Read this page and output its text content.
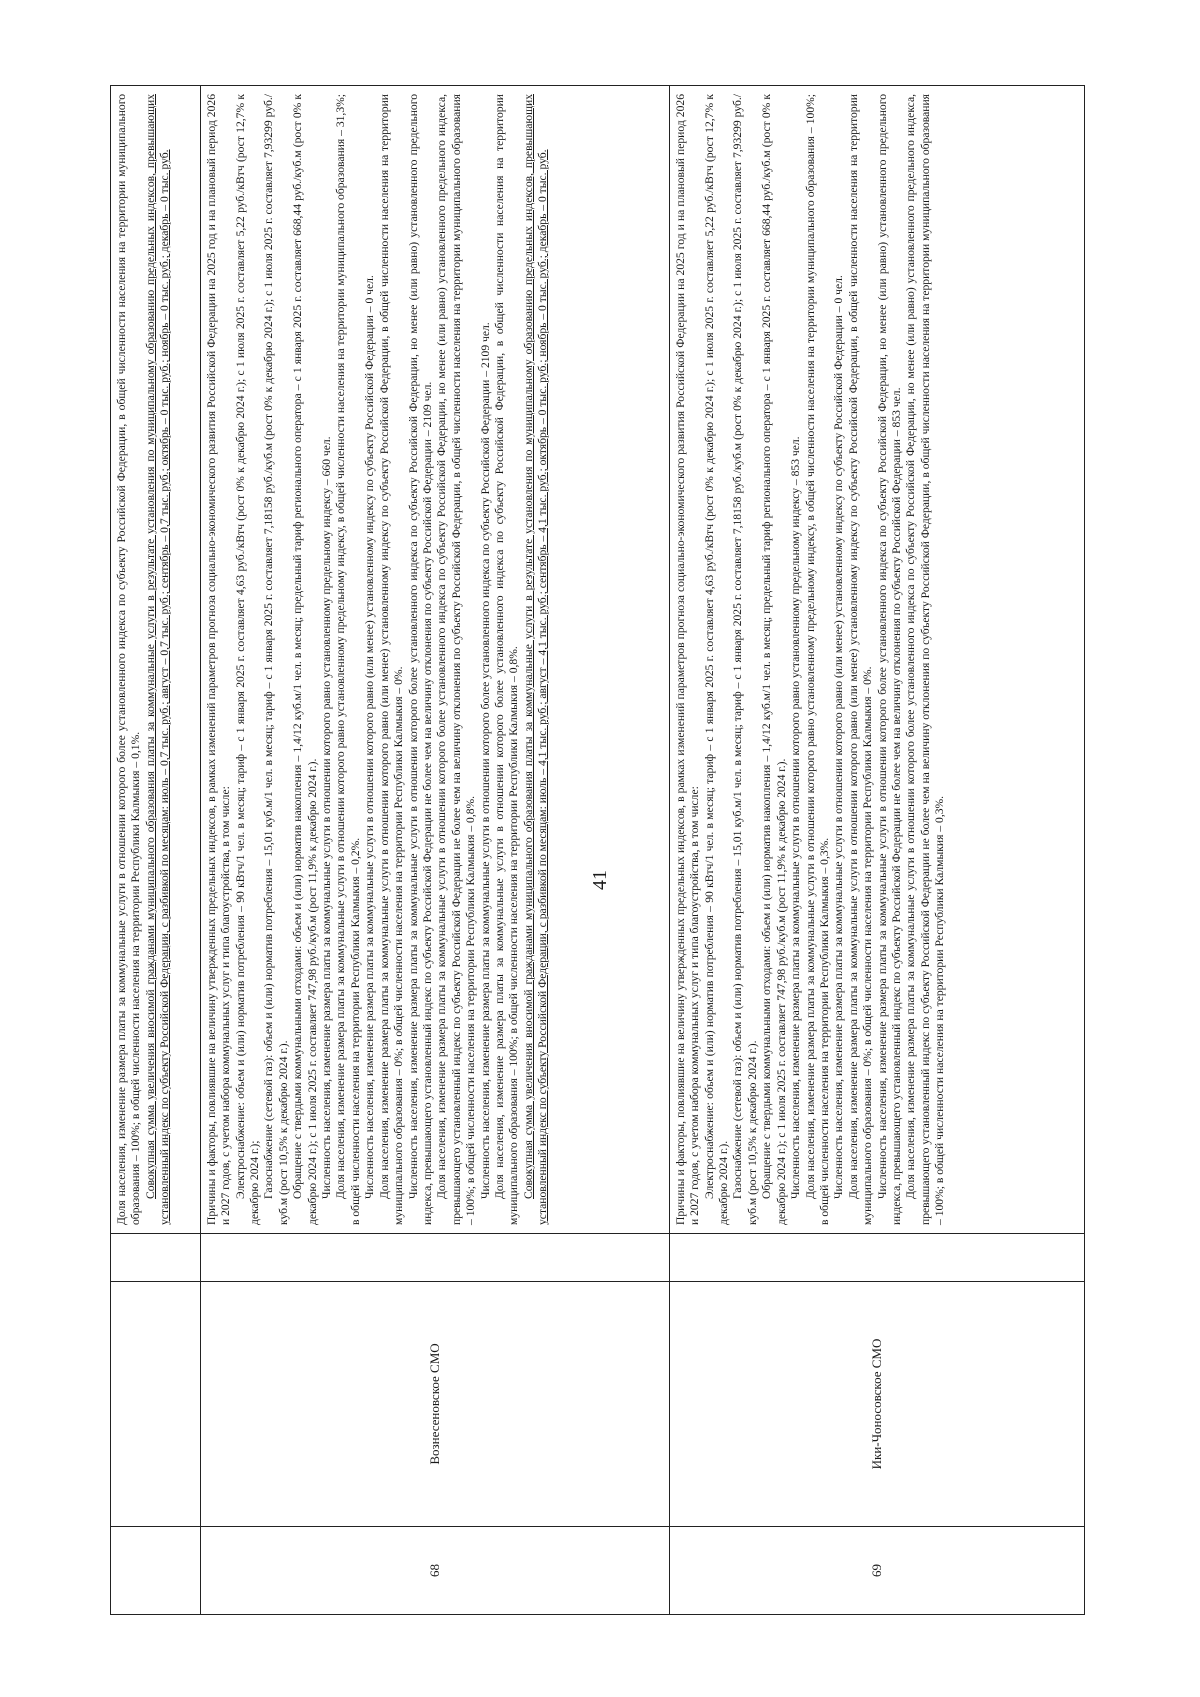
41

Доля населения, изменение размера платы за коммунальные услуги в отношении которого более установленного индекса по субъекту Российской Федерации, в общей численности населения на территории муниципального образования – 100%; в общей численности населения на территории Республики Калмыкия – 0,1%. Совокупная сумма увеличения вносимой гражданами муниципального образования платы за коммунальные услуги в результате установления по муниципальному образованию предельных индексов, превышающих установленный индекс по субъекту Российской Федерации, с разбивкой по месяцам: июль – 0,7 тыс. руб.; август – 0,7 тыс. руб.; сентябрь – 0,7 тыс. руб.; октябрь – 0 тыс. руб.; ноябрь – 0 тыс. руб.; декабрь – 0 тыс. руб.

68
Вознесеновское СМО

Причины и факторы, повлиявшие на величину утвержденных предельных индексов, в рамках изменений параметров прогноза социально-экономического развития Российской Федерации на 2025 год и на плановый период 2026 и 2027 годов, с учетом набора коммунальных услуг и типа благоустройства, в том числе: Электроснабжение: объем и (или) норматив потребления – 90 кВтч/1 чел. в месяц; тариф – с 1 января 2025 г. составляет 4,63 руб./кВтч (рост 0% к декабрю 2024 г.); с 1 июля 2025 г. составляет 5,22 руб./кВтч (рост 12,7% к декабрю 2024 г.); Газоснабжение (сетевой газ): объем и (или) норматив потребления – 15,01 куб.м/1 чел. в месяц; тариф – с 1 января 2025 г. составляет 7,18158 руб./куб.м (рост 0% к декабрю 2024 г.); с 1 июля 2025 г. составляет 7,93299 руб./куб.м (рост 10,5% к декабрю 2024 г.). Обращение с твердыми коммунальными отходами: объем и (или) норматив накопления – 1,4/12 куб.м/1 чел. в месяц; предельный тариф регионального оператора – с 1 января 2025 г. составляет 668,44 руб./куб.м (рост 0% к декабрю 2024 г.); с 1 июля 2025 г. составляет 747,98 руб./куб.м (рост 11,9% к декабрю 2024 г.). Численность населения, изменение размера платы за коммунальные услуги в отношении которого равно установленному предельному индексу – 660 чел. Доля населения, изменение размера платы за коммунальные услуги в отношении которого равно установленному предельному индексу, в общей численности населения на территории муниципального образования – 31,3%; в общей численности населения на территории Республики Калмыкия – 0,2%. Численность населения, изменение размера платы за коммунальные услуги в отношении которого равно (или менее) установленному индексу по субъекту Российской Федерации – 0 чел. Доля населения, изменение размера платы за коммунальные услуги в отношении которого равно (или менее) установленному индексу по субъекту Российской Федерации, в общей численности населения на территории муниципального образования – 0%; в общей численности населения на территории Республики Калмыкия – 0%. Численность населения, изменение размера платы за коммунальные услуги в отношении которого более установленного индекса по субъекту Российской Федерации, но менее (или равно) установленного предельного индекса, превышающего установленный индекс по субъекту Российской Федерации не более чем на величину отклонения по субъекту Российской Федерации – 2109 чел. Доля населения, изменение размера платы за коммунальные услуги в отношении которого более установленного индекса по субъекту Российской Федерации, но менее (или равно) установленного предельного индекса, превышающего установленный индекс по субъекту Российской Федерации не более чем на величину отклонения по субъекту Российской Федерации, в общей численности населения на территории муниципального образования – 100%; в общей численности населения на территории Республики Калмыкия – 0,8%. Численность населения, изменение размера платы за коммунальные услуги в отношении которого более установленного индекса по субъекту Российской Федерации – 2109 чел. Доля населения, изменение размера платы за коммунальные услуги в отношении которого более установленного индекса по субъекту Российской Федерации, в общей численности населения на территории муниципального образования – 100%; в общей численности населения на территории Республики Калмыкия – 0,8%. Совокупная сумма увеличения вносимой гражданами муниципального образования платы за коммунальные услуги в результате установления по муниципальному образованию предельных индексов, превышающих установленный индекс по субъекту Российской Федерации, с разбивкой по месяцам: июль – 4,1 тыс. руб.; август – 4,1 тыс. руб.; сентябрь – 4,1 тыс. руб.; октябрь – 0 тыс. руб.; ноябрь – 0 тыс. руб.; декабрь – 0 тыс. руб.

69
Ики-Чоносовское СМО

Причины и факторы, повлиявшие на величину утвержденных предельных индексов, в рамках изменений параметров прогноза социально-экономического развития Российской Федерации на 2025 год и на плановый период 2026 и 2027 годов, с учетом набора коммунальных услуг и типа благоустройства, в том числе: Электроснабжение: объем и (или) норматив потребления – 90 кВтч/1 чел. в месяц; тариф – с 1 января 2025 г. составляет 4,63 руб./кВтч (рост 0% к декабрю 2024 г.); с 1 июля 2025 г. составляет 5,22 руб./кВтч (рост 12,7% к декабрю 2024 г.). Газоснабжение (сетевой газ): объем и (или) норматив потребления – 15,01 куб.м/1 чел. в месяц; тариф – с 1 января 2025 г. составляет 7,18158 руб./куб.м (рост 0% к декабрю 2024 г.); с 1 июля 2025 г. составляет 7,93299 руб./куб.м (рост 10,5% к декабрю 2024 г.). Обращение с твердыми коммунальными отходами: объем и (или) норматив накопления – 1,4/12 куб.м/1 чел. в месяц; предельный тариф регионального оператора – с 1 января 2025 г. составляет 668,44 руб./куб.м (рост 0% к декабрю 2024 г.); с 1 июля 2025 г. составляет 747,98 руб./куб.м (рост 11,9% к декабрю 2024 г.). Численность населения, изменение размера платы за коммунальные услуги в отношении которого равно установленному предельному индексу – 853 чел. Доля населения, изменение размера платы за коммунальные услуги в отношении которого равно установленному предельному индексу, в общей численности населения на территории муниципального образования – 100%; в общей численности населения на территории Республики Калмыкия – 0,3%. Численность населения, изменение размера платы за коммунальные услуги в отношении которого равно (или менее) установленному индексу по субъекту Российской Федерации – 0 чел. Доля населения, изменение размера платы за коммунальные услуги в отношении которого равно (или менее) установленному индексу по субъекту Российской Федерации, в общей численности населения на территории муниципального образования – 0%; в общей численности населения на территории Республики Калмыкия – 0%. Численность населения, изменение размера платы за коммунальные услуги в отношении которого более установленного индекса по субъекту Российской Федерации, но менее (или равно) установленного предельного индекса, превышающего установленный индекс по субъекту Российской Федерации не более чем на величину отклонения по субъекту Российской Федерации – 853 чел. Доля населения, изменение размера платы за коммунальные услуги в отношении которого более установленного индекса по субъекту Российской Федерации, но менее (или равно) установленного предельного индекса, превышающего установленный индекс по субъекту Российской Федерации не более чем на величину отклонения по субъекту Российской Федерации, в общей численности населения на территории муниципального образования – 100%; в общей численности населения на территории Республики Калмыкия – 0,3%.
